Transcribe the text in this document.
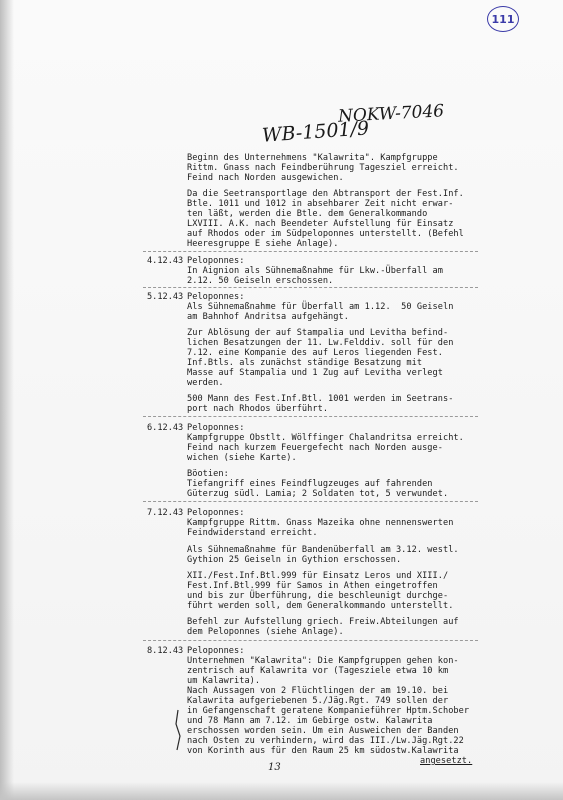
111
NOKW-7046
WB-1501/9
Beginn des Unternehmens "Kalawrita". Kampfgruppe
Rittm. Gnass nach Feindberührung Tagesziel erreicht.
Feind nach Norden ausgewichen.
Da die Seetransportlage den Abtransport der Fest.Inf.
Btle. 1011 und 1012 in absehbarer Zeit nicht erwar-
ten läßt, werden die Btle. dem Generalkommando
LXVIII. A.K. nach Beendeter Aufstellung für Einsatz
auf Rhodos oder im Südpeloponnes unterstellt. (Befehl
Heeresgruppe E siehe Anlage).
4.12.43 Peloponnes:
In Aignion als Sühnemaßnahme für Lkw.-Überfall am
2.12. 50 Geiseln erschossen.
5.12.43 Peloponnes:
Als Sühnemaßnahme für Überfall am 1.12.  50 Geiseln
am Bahnhof Andritsa aufgehängt.
Zur Ablösung der auf Stampalia und Levitha befind-
lichen Besatzungen der 11. Lw.Felddiv. soll für den
7.12. eine Kompanie des auf Leros liegenden Fest.
Inf.Btls. als zunächst ständige Besatzung mit
Masse auf Stampalia und 1 Zug auf Levitha verlegt
werden.
500 Mann des Fest.Inf.Btl. 1001 werden im Seetrans-
port nach Rhodos überführt.
6.12.43 Peloponnes:
Kampfgruppe Obstlt. Wölffinger Chalandritsa erreicht.
Feind nach kurzem Feuergefecht nach Norden ausge-
wichen (siehe Karte).
Böotien:
Tiefangriff eines Feindflugzeuges auf fahrenden
Güterzug südl. Lamia; 2 Soldaten tot, 5 verwundet.
7.12.43 Peloponnes:
Kampfgruppe Rittm. Gnass Mazeika ohne nennenswerten
Feindwiderstand erreicht.
Als Sühnemaßnahme für Bandenüberfall am 3.12. westl.
Gythion 25 Geiseln in Gythion erschossen.
XII./Fest.Inf.Btl.999 für Einsatz Leros und XIII./
Fest.Inf.Btl.999 für Samos in Athen eingetroffen
und bis zur Überführung, die beschleunigt durchge-
führt werden soll, dem Generalkommando unterstellt.
Befehl zur Aufstellung griech. Freiw.Abteilungen auf
dem Peloponnes (siehe Anlage).
8.12.43 Peloponnes:
Unternehmen "Kalawrita": Die Kampfgruppen gehen kon-
zentrisch auf Kalawrita vor (Tagesziele etwa 10 km
um Kalawrita).
Nach Aussagen von 2 Flüchtlingen der am 19.10. bei
Kalawrita aufgeriebenen 5./Jäg.Rgt. 749 sollen der
in Gefangenschaft geratene Kompanieführer Hptm.Schober
und 78 Mann am 7.12. im Gebirge ostw. Kalawrita
erschossen worden sein. Um ein Ausweichen der Banden
nach Osten zu verhindern, wird das III./Lw.Jäg.Rgt.22
von Korinth aus für den Raum 25 km südostw.Kalawrita
angesetzt.
13
